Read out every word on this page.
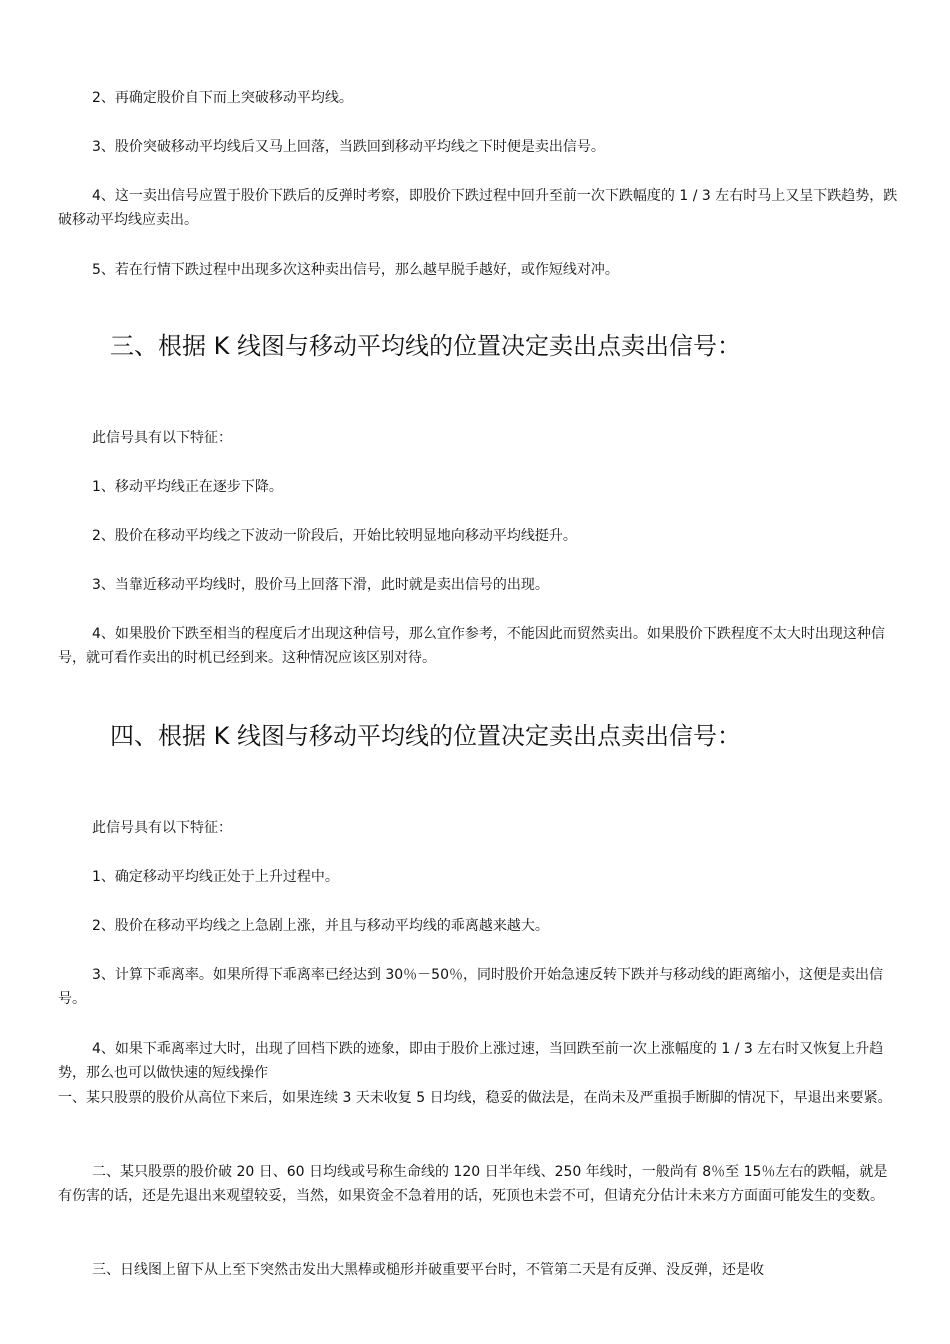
2、再确定股价自下而上突破移动平均线。

3、股价突破移动平均线后又马上回落，当跌回到移动平均线之下时便是卖出信号。

4、这一卖出信号应置于股价下跌后的反弹时考察，即股价下跌过程中回升至前一次下跌幅度的 1 / 3 左右时马上又呈下跌趋势，跌破移动平均线应卖出。

5、若在行情下跌过程中出现多次这种卖出信号，那么越早脱手越好，或作短线对冲。

三、根据 K 线图与移动平均线的位置决定卖出点卖出信号：

此信号具有以下特征：

1、移动平均线正在逐步下降。

2、股价在移动平均线之下波动一阶段后，开始比较明显地向移动平均线挺升。

3、当靠近移动平均线时，股价马上回落下滑，此时就是卖出信号的出现。

4、如果股价下跌至相当的程度后才出现这种信号，那么宜作参考，不能因此而贸然卖出。如果股价下跌程度不太大时出现这种信号，就可看作卖出的时机已经到来。这种情况应该区别对待。

四、根据 K 线图与移动平均线的位置决定卖出点卖出信号：

此信号具有以下特征：

1、确定移动平均线正处于上升过程中。

2、股价在移动平均线之上急剧上涨，并且与移动平均线的乖离越来越大。

3、计算下乖离率。如果所得下乖离率已经达到 30％－50％，同时股价开始急速反转下跌并与移动线的距离缩小，这便是卖出信号。

4、如果下乖离率过大时，出现了回档下跌的迹象，即由于股价上涨过速，当回跌至前一次上涨幅度的 1 / 3 左右时又恢复上升趋势，那么也可以做快速的短线操作

一、某只股票的股价从高位下来后，如果连续 3 天未收复 5 日均线，稳妥的做法是，在尚未及严重损手断脚的情况下，早退出来要紧。

二、某只股票的股价破 20 日、60 日均线或号称生命线的 120 日半年线、250 年线时，一般尚有 8％至 15％左右的跌幅，就是有伤害的话，还是先退出来观望较妥，当然，如果资金不急着用的话，死顶也未尝不可，但请充分估计未来方方面面可能发生的变数。

三、日线图上留下从上至下突然击发出大黑棒或槌形并破重要平台时，不管第二天是有反弹、没反弹，还是收
